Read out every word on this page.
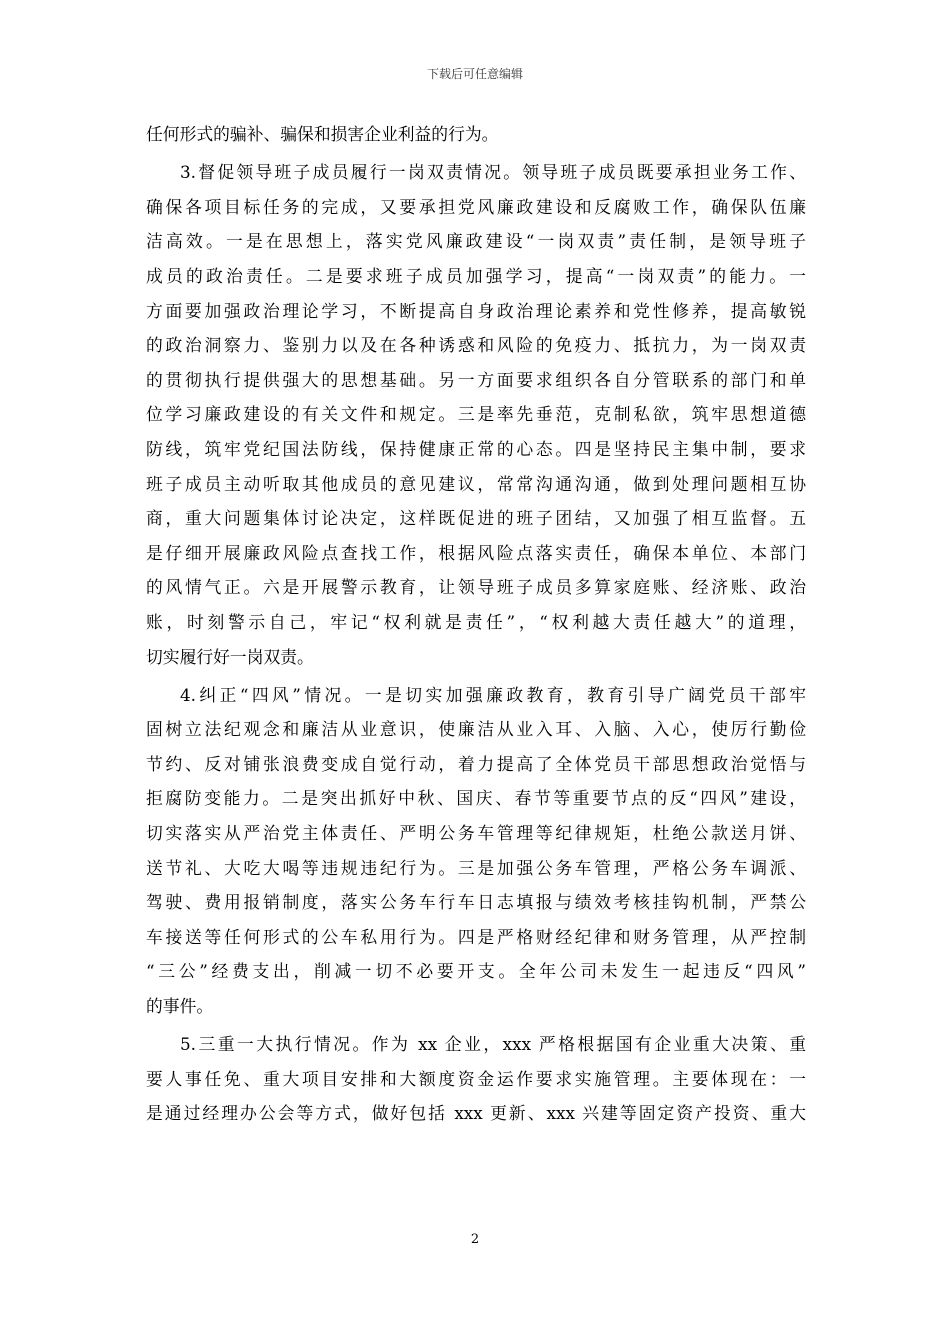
下载后可任意编辑
任何形式的骗补、骗保和损害企业利益的行为。
3.督促领导班子成员履行一岗双责情况。领导班子成员既要承担业务工作、
确保各项目标任务的完成，又要承担党风廉政建设和反腐败工作，确保队伍廉
洁高效。一是在思想上，落实党风廉政建设“一岗双责”责任制，是领导班子
成员的政治责任。二是要求班子成员加强学习，提高“一岗双责”的能力。一
方面要加强政治理论学习，不断提高自身政治理论素养和党性修养，提高敏锐
的政治洞察力、鉴别力以及在各种诱惑和风险的免疫力、抵抗力，为一岗双责
的贯彻执行提供强大的思想基础。另一方面要求组织各自分管联系的部门和单
位学习廉政建设的有关文件和规定。三是率先垂范，克制私欲，筑牢思想道德
防线，筑牢党纪国法防线，保持健康正常的心态。四是坚持民主集中制，要求
班子成员主动听取其他成员的意见建议，常常沟通沟通，做到处理问题相互协
商，重大问题集体讨论决定，这样既促进的班子团结，又加强了相互监督。五
是仔细开展廉政风险点查找工作，根据风险点落实责任，确保本单位、本部门
的风情气正。六是开展警示教育，让领导班子成员多算家庭账、经济账、政治
账，时刻警示自己，牢记“权利就是责任”，“权利越大责任越大”的道理，
切实履行好一岗双责。
4.纠正“四风”情况。一是切实加强廉政教育，教育引导广阔党员干部牢
固树立法纪观念和廉洁从业意识，使廉洁从业入耳、入脑、入心，使厉行勤俭
节约、反对铺张浪费变成自觉行动，着力提高了全体党员干部思想政治觉悟与
拒腐防变能力。二是突出抓好中秋、国庆、春节等重要节点的反“四风”建设，
切实落实从严治党主体责任、严明公务车管理等纪律规矩，杜绝公款送月饼、
送节礼、大吃大喝等违规违纪行为。三是加强公务车管理，严格公务车调派、
驾驶、费用报销制度，落实公务车行车日志填报与绩效考核挂钩机制，严禁公
车接送等任何形式的公车私用行为。四是严格财经纪律和财务管理，从严控制
“三公”经费支出，削减一切不必要开支。全年公司未发生一起违反“四风”
的事件。
5.三重一大执行情况。作为 xx 企业，xxx 严格根据国有企业重大决策、重
要人事任免、重大项目安排和大额度资金运作要求实施管理。主要体现在：一
是通过经理办公会等方式，做好包括 xxx 更新、xxx 兴建等固定资产投资、重大
2
